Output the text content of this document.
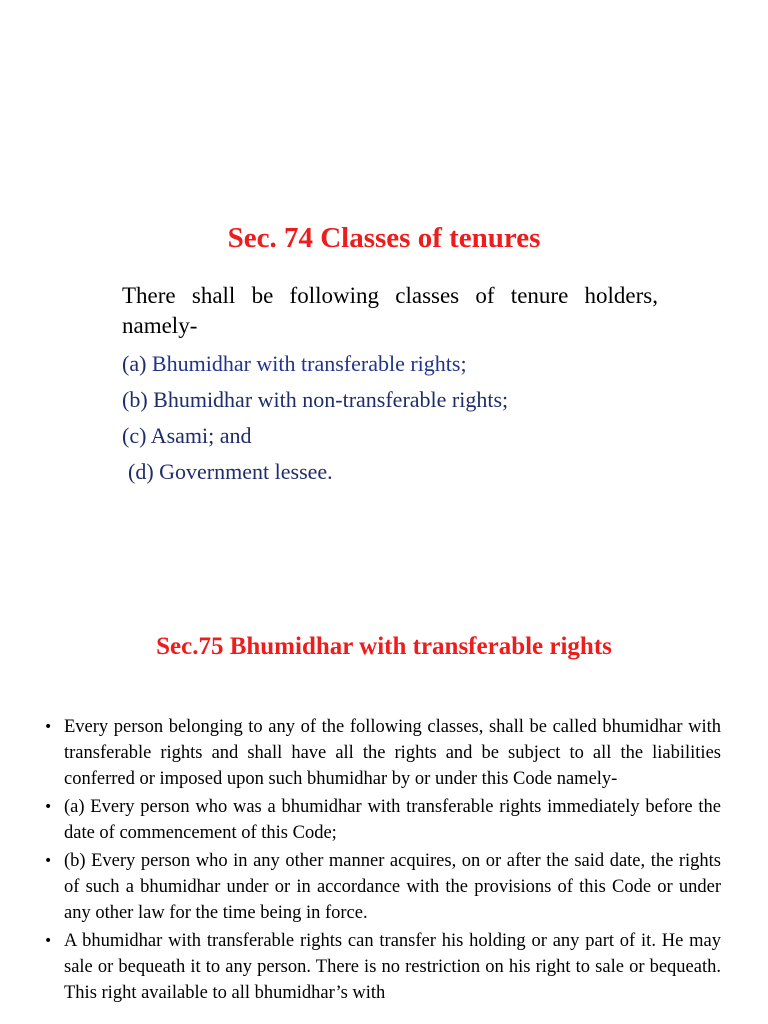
Sec. 74 Classes of tenures

There shall be following classes of tenure holders, namely-

(a) Bhumidhar with transferable rights;
(b) Bhumidhar with non-transferable rights;
(c) Asami; and
(d) Government lessee.
Sec.75 Bhumidhar with transferable rights
• Every person belonging to any of the following classes, shall be called bhumidhar with transferable rights and shall have all the rights and be subject to all the liabilities conferred or imposed upon such bhumidhar by or under this Code namely-
• (a) Every person who was a bhumidhar with transferable rights immediately before the date of commencement of this Code;
• (b) Every person who in any other manner acquires, on or after the said date, the rights of such a bhumidhar under or in accordance with the provisions of this Code or under any other law for the time being in force.
• A bhumidhar with transferable rights can transfer his holding or any part of it. He may sale or bequeath it to any person. There is no restriction on his right to sale or bequeath. This right available to all bhumidhar’s with
